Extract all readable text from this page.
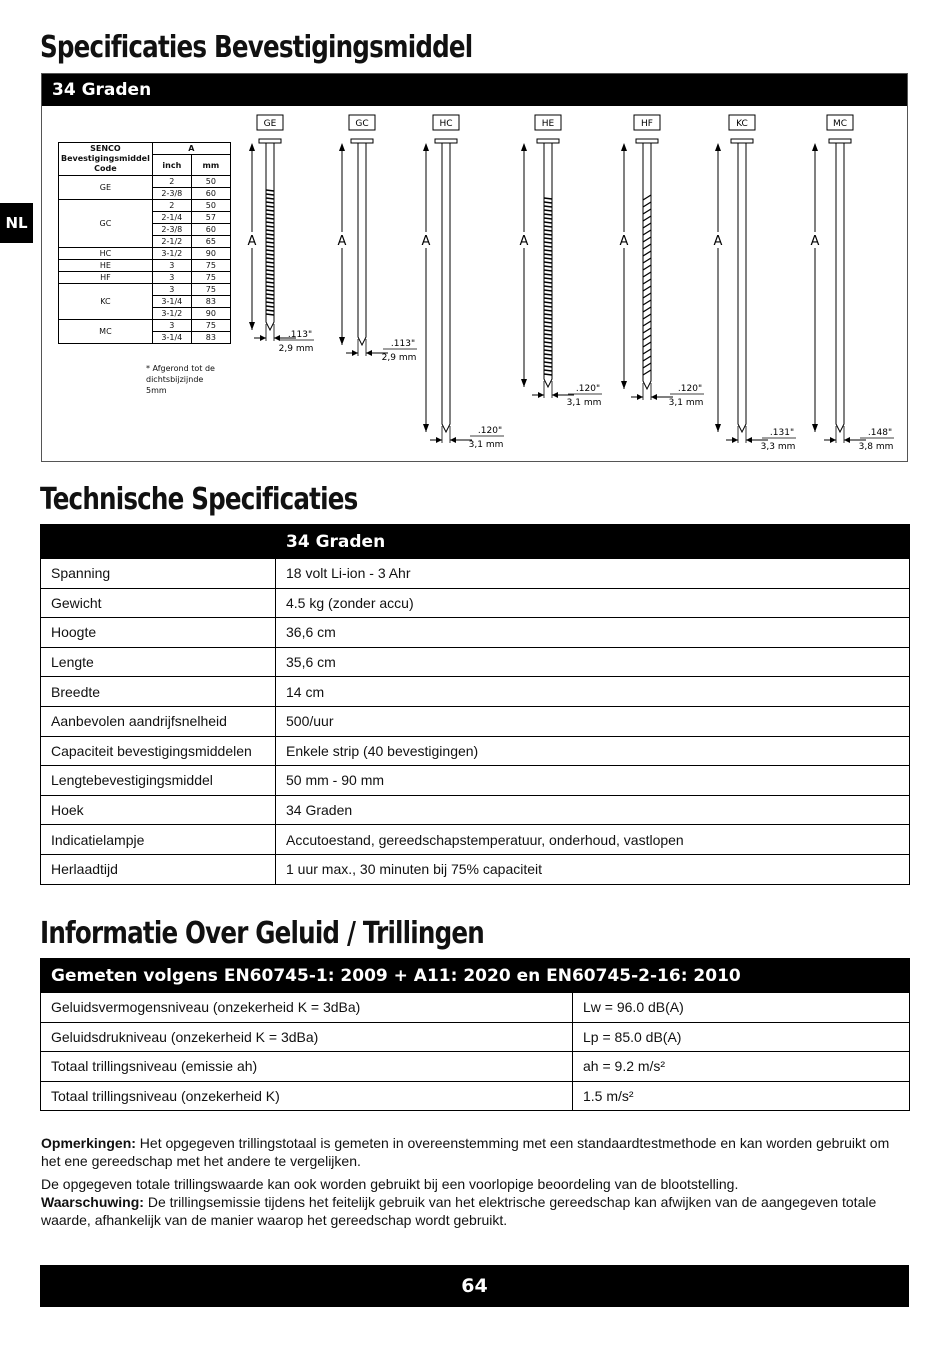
NL
Specificaties Bevestigingsmiddel
34 Graden
SENCO Bevestigingsmiddel Code	A	
	inch	mm
GE	2	50
	2-3/8	60
GC	2	50
	2-1/4	57
	2-3/8	60
	2-1/2	65
HC	3-1/2	90
HE	3	75
HF	3	75
KC	3	75
	3-1/4	83
	3-1/2	90
MC	3	75
	3-1/4	83
* Afgerond tot de dichtsbijzijnde 5mm
GE
A
.113"
2,9 mm
GC
A
.113"
2,9 mm
HC
A
.120"
3,1 mm
HE
A
.120"
3,1 mm
HF
A
.120"
3,1 mm
KC
A
.131"
3,3 mm
MC
A
.148"
3,8 mm
Technische Specificaties
	34 Graden
Spanning	18 volt Li-ion - 3 Ahr
Gewicht	4.5 kg (zonder accu)
Hoogte	36,6 cm
Lengte	35,6 cm
Breedte	14 cm
Aanbevolen aandrijfsnelheid	500/uur
Capaciteit bevestigingsmiddelen	Enkele strip (40 bevestigingen)
Lengtebevestigingsmiddel	50 mm - 90 mm
Hoek	34 Graden
Indicatielampje	Accutoestand, gereedschapstemperatuur, onderhoud, vastlopen
Herlaadtijd	1 uur max., 30 minuten bij 75% capaciteit
Informatie Over Geluid / Trillingen
Gemeten volgens EN60745-1: 2009 + A11: 2020 en EN60745-2-16: 2010	
Geluidsvermogensniveau (onzekerheid K = 3dBa)	Lw = 96.0 dB(A)
Geluidsdrukniveau (onzekerheid K = 3dBa)	Lp = 85.0 dB(A)
Totaal trillingsniveau (emissie ah)	ah = 9.2 m/s²
Totaal trillingsniveau (onzekerheid K)	1.5 m/s²

Opmerkingen: Het opgegeven trillingstotaal is gemeten in overeenstemming met een standaardtestmethode en kan worden gebruikt om het ene gereedschap met het andere te vergelijken.

De opgegeven totale trillingswaarde kan ook worden gebruikt bij een voorlopige beoordeling van de blootstelling.
Waarschuwing: De trillingsemissie tijdens het feitelijk gebruik van het elektrische gereedschap kan afwijken van de aangegeven totale waarde, afhankelijk van de manier waarop het gereedschap wordt gebruikt.

64
